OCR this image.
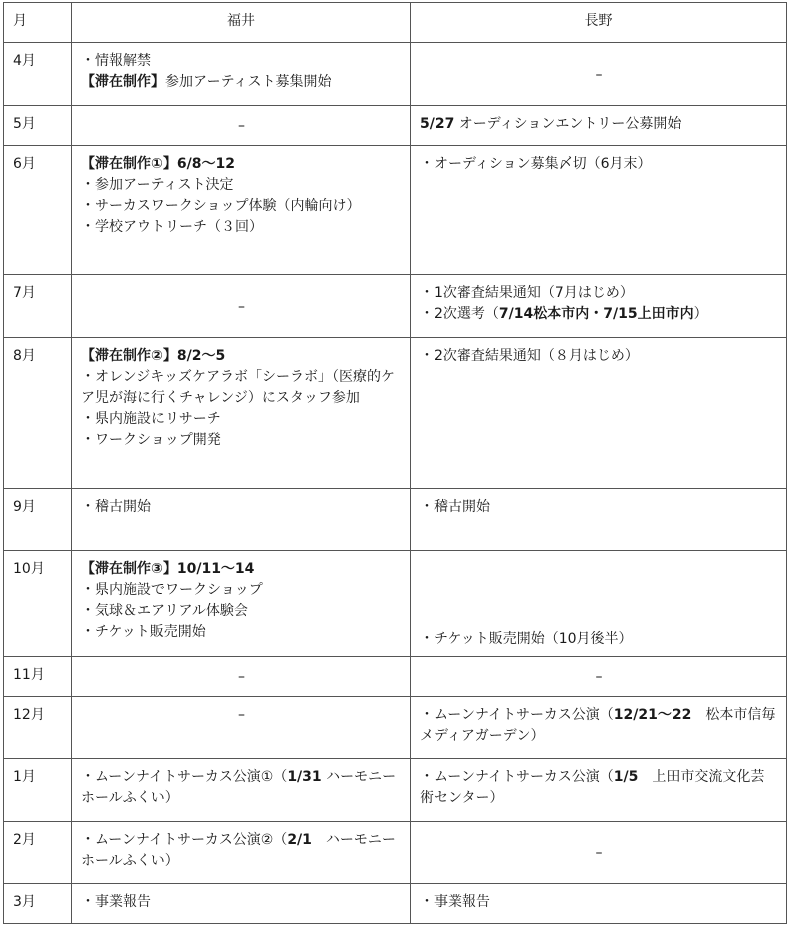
月	福井	長野
4月	・情報解禁
【滞在制作】参加アーティスト募集開始	–
5月	–	5/27 オーディションエントリー公募開始
6月	【滞在制作①】6/8〜12
・参加アーティスト決定
・サーカスワークショップ体験（内輪向け）
・学校アウトリーチ（３回）	・オーディション募集〆切（6月末）
7月	–	・1次審査結果通知（7月はじめ）
・2次選考（7/14松本市内・7/15上田市内）

8月	【滞在制作②】8/2〜5
・オレンジキッズケアラボ「シーラボ」（医療的ケア児が海に行くチャレンジ）にスタッフ参加
・県内施設にリサーチ
・ワークショップ開発	・2次審査結果通知（８月はじめ）
9月	・稽古開始	・稽古開始
10月	【滞在制作③】10/11〜14
・県内施設でワークショップ
・気球＆エアリアル体験会
・チケット販売開始	・チケット販売開始（10月後半）
11月	–	–
12月	–	・ムーンナイトサーカス公演（12/21〜22　松本市信毎メディアガーデン）
1月	・ムーンナイトサーカス公演①（1/31 ハーモニーホールふくい）	・ムーンナイトサーカス公演（1/5　上田市交流文化芸術センター）
2月	・ムーンナイトサーカス公演②（2/1　ハーモニーホールふくい）	–
3月	・事業報告	・事業報告
